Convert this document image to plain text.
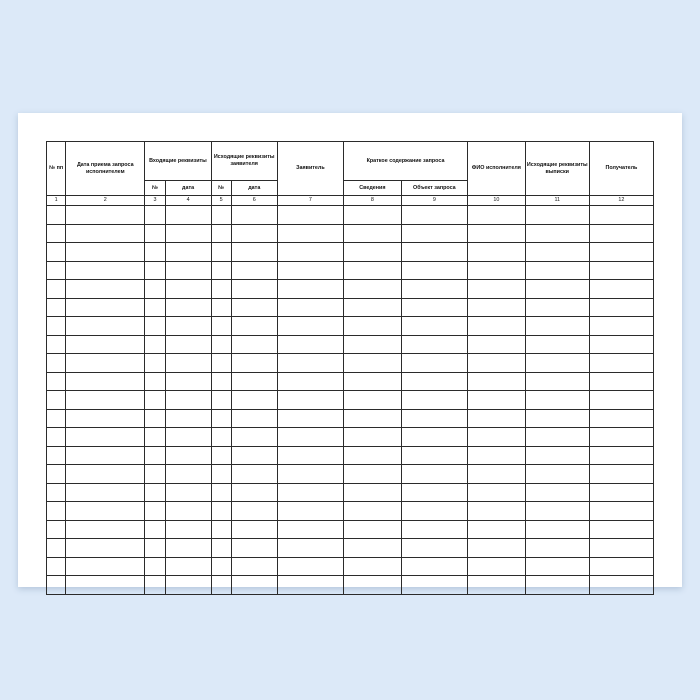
№ пп	Дата приема запроса исполнителем	Входящие реквизиты		Исходящие реквизиты заявителя		Заявитель	Краткое содержание запроса		ФИО исполнителя	Исходящие реквизиты выписки	Получатель
		№	дата	№	дата		Сведения	Объект запроса			
1	2	3	4	5	6	7	8	9	10	11	12
